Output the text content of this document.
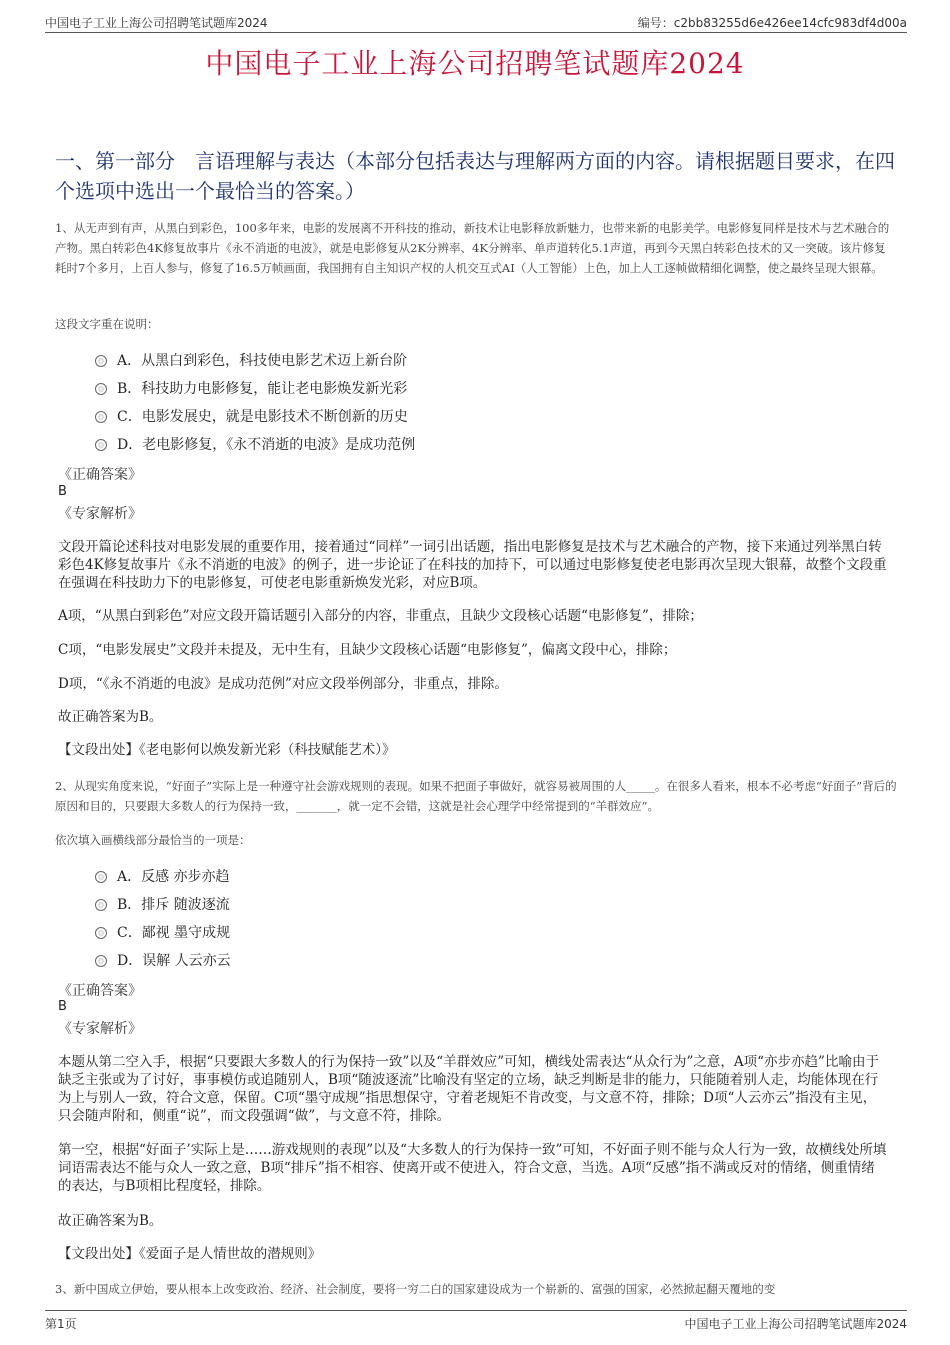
中国电子工业上海公司招聘笔试题库2024	编号：c2bb83255d6e426ee14cfc983df4d00a
中国电子工业上海公司招聘笔试题库2024
一、第一部分　言语理解与表达（本部分包括表达与理解两方面的内容。请根据题目要求，在四个选项中选出一个最恰当的答案。）
1、从无声到有声，从黑白到彩色，100多年来，电影的发展离不开科技的推动，新技术让电影释放新魅力，也带来新的电影美学。电影修复同样是技术与艺术融合的产物。黑白转彩色4K修复故事片《永不消逝的电波》，就是电影修复从2K分辨率、4K分辨率、单声道转化5.1声道，再到今天黑白转彩色技术的又一突破。该片修复耗时7个多月，上百人参与，修复了16.5万帧画面，我国拥有自主知识产权的人机交互式AI（人工智能）上色，加上人工逐帧做精细化调整，使之最终呈现大银幕。
这段文字重在说明：
A．从黑白到彩色，科技使电影艺术迈上新台阶
B．科技助力电影修复，能让老电影焕发新光彩
C．电影发展史，就是电影技术不断创新的历史
D．老电影修复，《永不消逝的电波》是成功范例
《正确答案》
B
《专家解析》
文段开篇论述科技对电影发展的重要作用，接着通过“同样”一词引出话题，指出电影修复是技术与艺术融合的产物，接下来通过列举黑白转彩色4K修复故事片《永不消逝的电波》的例子，进一步论证了在科技的加持下，可以通过电影修复使老电影再次呈现大银幕，故整个文段重在强调在科技助力下的电影修复，可使老电影重新焕发光彩，对应B项。
A项，“从黑白到彩色”对应文段开篇话题引入部分的内容，非重点，且缺少文段核心话题“电影修复”，排除；
C项，“电影发展史”文段并未提及，无中生有，且缺少文段核心话题“电影修复”，偏离文段中心，排除；
D项，“《永不消逝的电波》是成功范例”对应文段举例部分，非重点，排除。
故正确答案为B。
【文段出处】《老电影何以焕发新光彩（科技赋能艺术）》
2、从现实角度来说，“好面子”实际上是一种遵守社会游戏规则的表现。如果不把面子事做好，就容易被周围的人_____。在很多人看来，根本不必考虑“好面子”背后的原因和目的，只要跟大多数人的行为保持一致，_______，就一定不会错，这就是社会心理学中经常提到的“羊群效应”。
依次填入画横线部分最恰当的一项是：
A．反感 亦步亦趋
B．排斥 随波逐流
C．鄙视 墨守成规
D．误解 人云亦云
《正确答案》
B
《专家解析》
本题从第二空入手，根据“只要跟大多数人的行为保持一致”以及“羊群效应”可知，横线处需表达“从众行为”之意，A项“亦步亦趋”比喻由于缺乏主张或为了讨好，事事模仿或追随别人，B项“随波逐流”比喻没有坚定的立场，缺乏判断是非的能力，只能随着别人走，均能体现在行为上与别人一致，符合文意，保留。C项“墨守成规”指思想保守，守着老规矩不肯改变，与文意不符，排除；D项“人云亦云”指没有主见，只会随声附和，侧重“说”，而文段强调“做”，与文意不符，排除。
第一空，根据“好面子’实际上是……游戏规则的表现”以及“大多数人的行为保持一致”可知，不好面子则不能与众人行为一致，故横线处所填词语需表达不能与众人一致之意，B项“排斥”指不相容、使离开或不使进入，符合文意，当选。A项“反感”指不满或反对的情绪，侧重情绪的表达，与B项相比程度轻，排除。
故正确答案为B。
【文段出处】《爱面子是人情世故的潜规则》
3、新中国成立伊始，要从根本上改变政治、经济、社会制度，要将一穷二白的国家建设成为一个崭新的、富强的国家，必然掀起翻天覆地的变
第1页	中国电子工业上海公司招聘笔试题库2024
